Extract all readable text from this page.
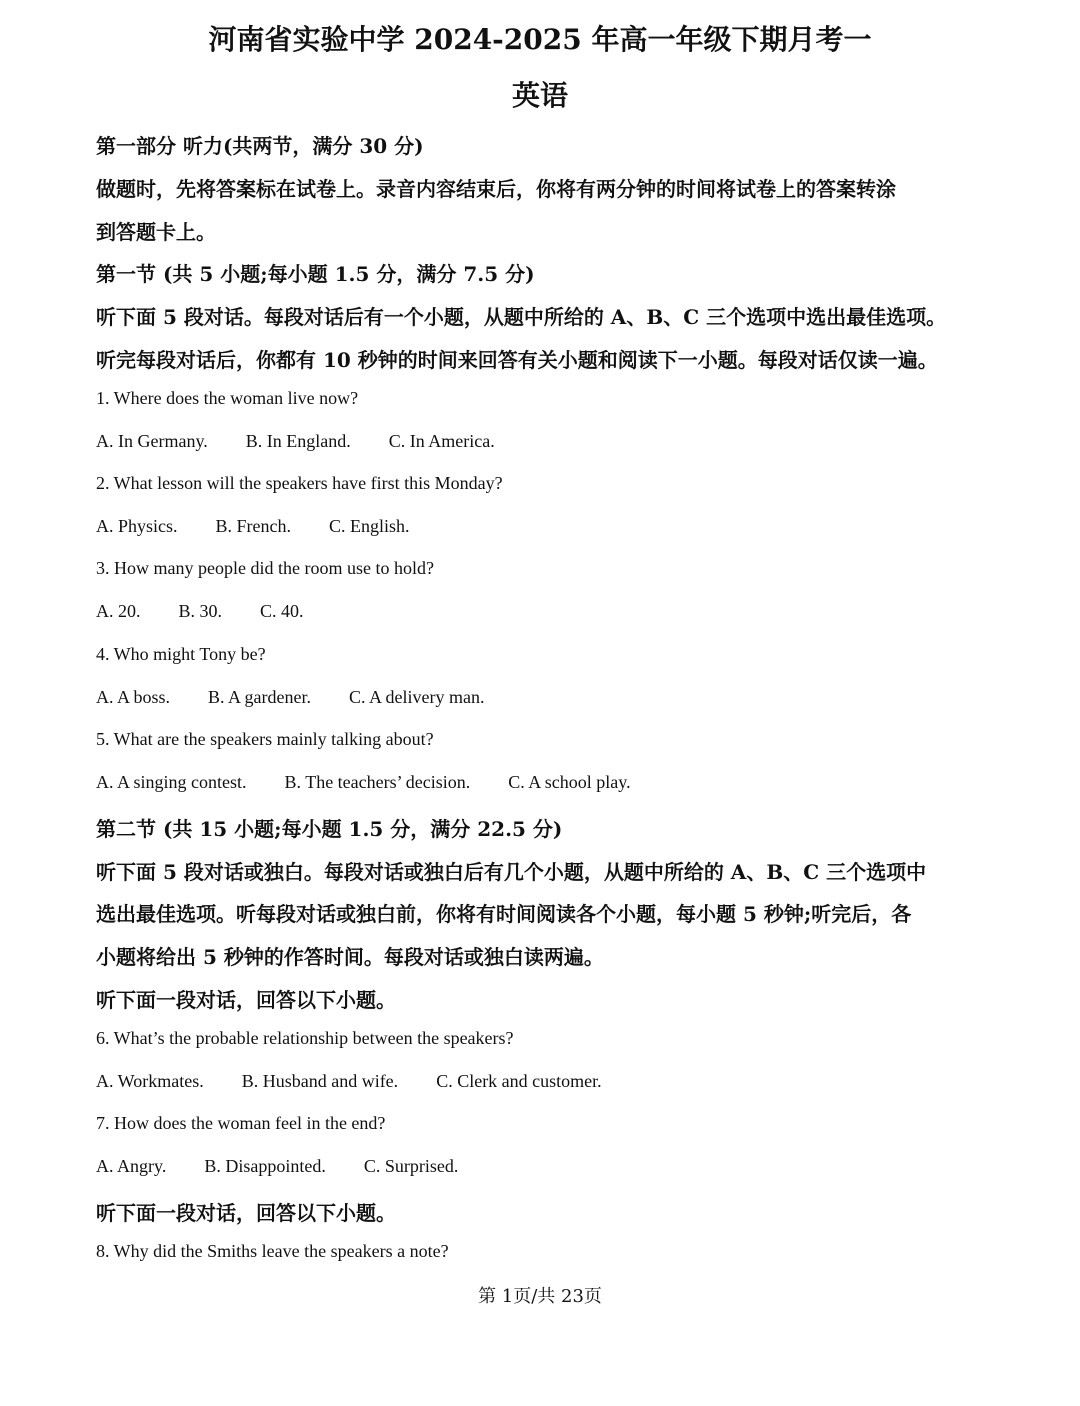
河南省实验中学 2024-2025 年高一年级下期月考一
英语
第一部分 听力(共两节，满分 30 分)
做题时，先将答案标在试卷上。录音内容结束后，你将有两分钟的时间将试卷上的答案转涂
到答题卡上。
第一节 (共 5 小题;每小题 1.5 分，满分 7.5 分)
听下面 5 段对话。每段对话后有一个小题，从题中所给的 A、B、C 三个选项中选出最佳选项。
听完每段对话后，你都有 10 秒钟的时间来回答有关小题和阅读下一小题。每段对话仅读一遍。
1. Where does the woman live now?
A. In Germany. B. In England. C. In America.
2. What lesson will the speakers have first this Monday?
A. Physics. B. French. C. English.
3. How many people did the room use to hold?
A. 20. B. 30. C. 40.
4. Who might Tony be?
A. A boss. B. A gardener. C. A delivery man.
5. What are the speakers mainly talking about?
A. A singing contest. B. The teachers’ decision. C. A school play.
第二节 (共 15 小题;每小题 1.5 分，满分 22.5 分)
听下面 5 段对话或独白。每段对话或独白后有几个小题，从题中所给的 A、B、C 三个选项中
选出最佳选项。听每段对话或独白前，你将有时间阅读各个小题，每小题 5 秒钟;听完后，各
小题将给出 5 秒钟的作答时间。每段对话或独白读两遍。
听下面一段对话，回答以下小题。
6. What’s the probable relationship between the speakers?
A. Workmates. B. Husband and wife. C. Clerk and customer.
7. How does the woman feel in the end?
A. Angry. B. Disappointed. C. Surprised.
听下面一段对话，回答以下小题。
8. Why did the Smiths leave the speakers a note?
第 1页/共 23页
